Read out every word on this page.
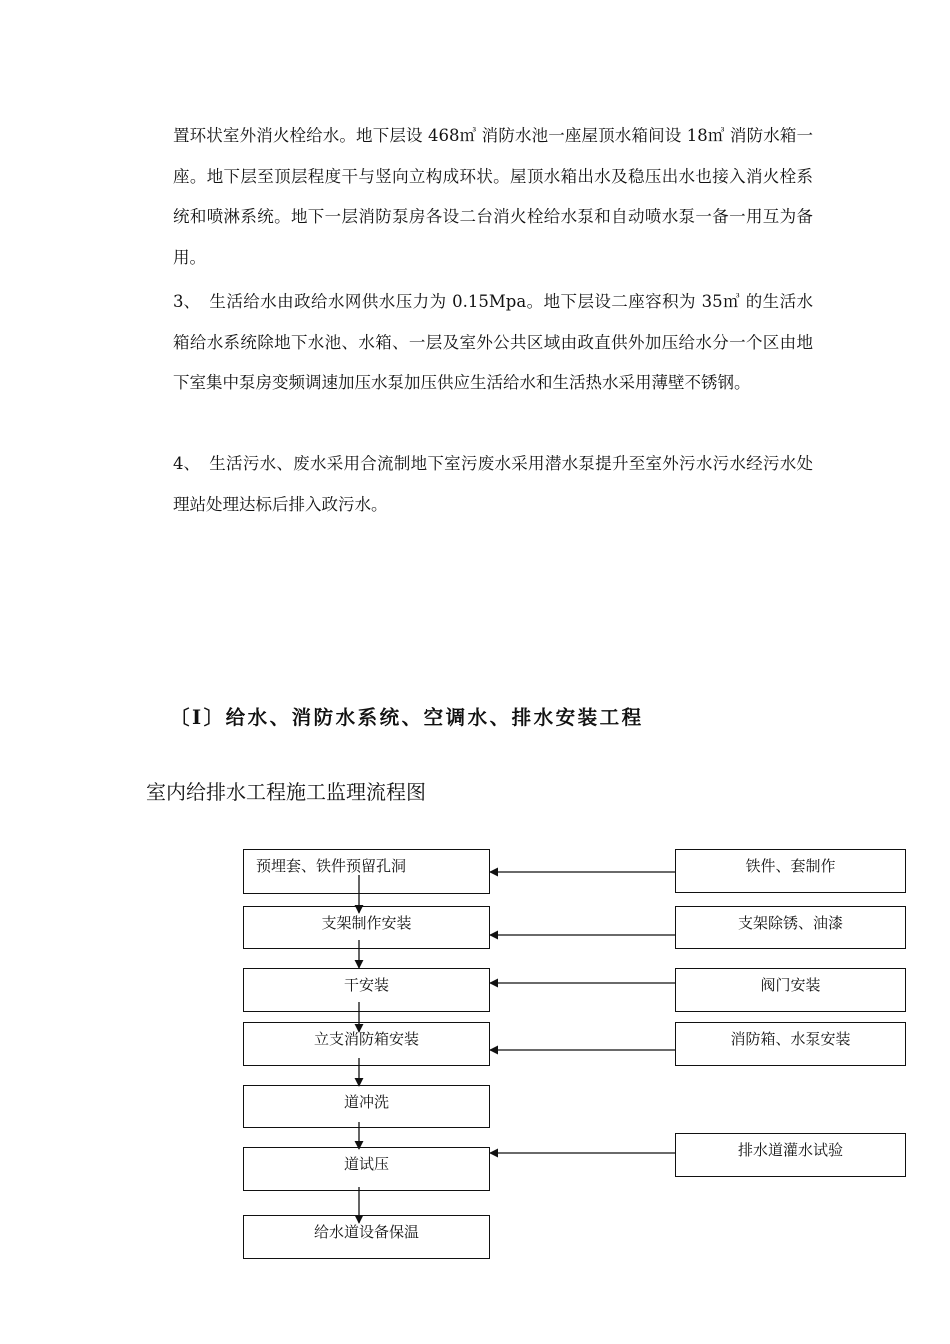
置环状室外消火栓给水。地下层设 468㎥ 消防水池一座屋顶水箱间设 18㎥ 消防水箱一座。地下层至顶层程度干与竖向立构成环状。屋顶水箱出水及稳压出水也接入消火栓系统和喷淋系统。地下一层消防泵房各设二台消火栓给水泵和自动喷水泵一备一用互为备用。

3、 生活给水由政给水网供水压力为 0.15Mpa。地下层设二座容积为 35㎥ 的生活水箱给水系统除地下水池、水箱、一层及室外公共区域由政直供外加压给水分一个区由地下室集中泵房变频调速加压水泵加压供应生活给水和生活热水采用薄壁不锈钢。

4、 生活污水、废水采用合流制地下室污废水采用潜水泵提升至室外污水污水经污水处理站处理达标后排入政污水。

〔Ⅰ〕给水、消防水系统、空调水、排水安装工程
室内给排水工程施工监理流程图
预埋套、铁件预留孔洞
支架制作安装
干安装
立支消防箱安装
道冲洗
道试压
给水道设备保温
铁件、套制作
支架除锈、油漆
阀门安装
消防箱、水泵安装
排水道灌水试验
